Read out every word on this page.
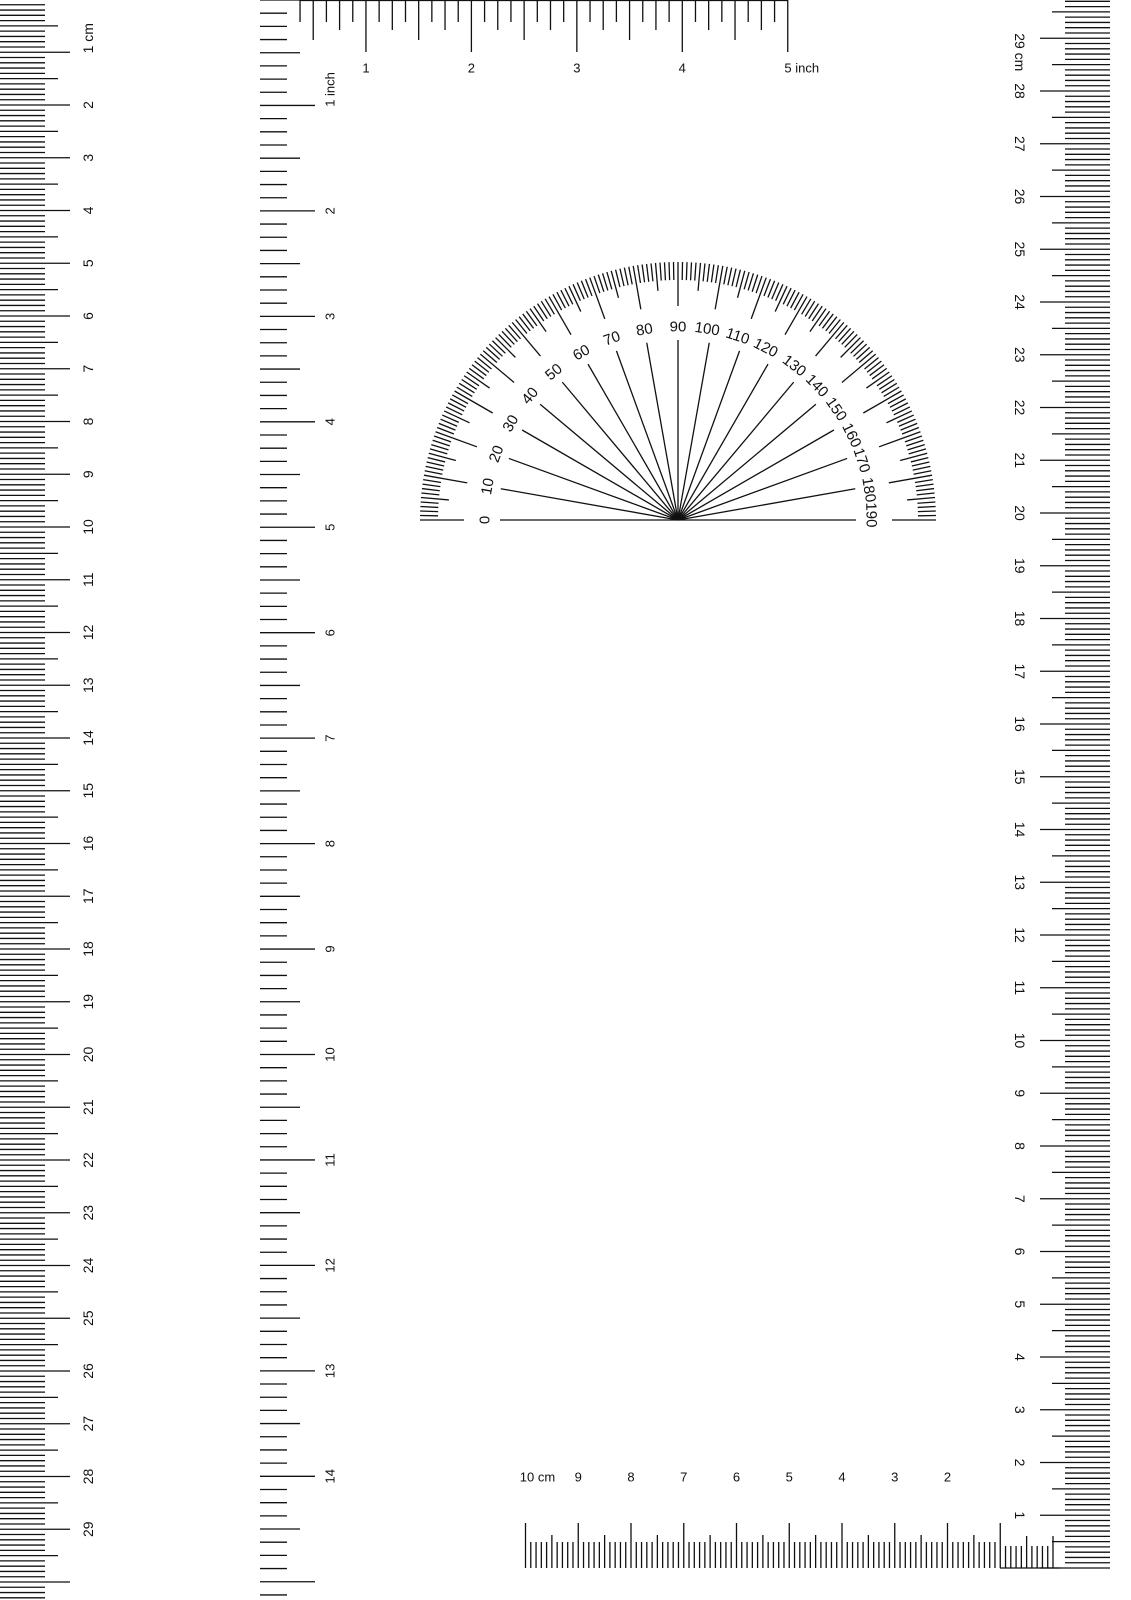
1 cm
2
3
4
5
6
7
8
9
10
11
12
13
14
15
16
17
18
19
20
21
22
23
24
25
26
27
28
29
1 inch
2
3
4
5
6
7
8
9
10
11
12
13
14
1	2	3	4	5 inch
1
2
3
4
5
6
7
8
9
10
11
12
13
14
15
16
17
18
19
20
21
22
23
24
25
26
27
28
29 cm
10 cm 9	8	7	6	5	4	3	2
0
10
20
30
40
50
60
70 80 90 100 110
120
130
140
150
160
170
180
190
